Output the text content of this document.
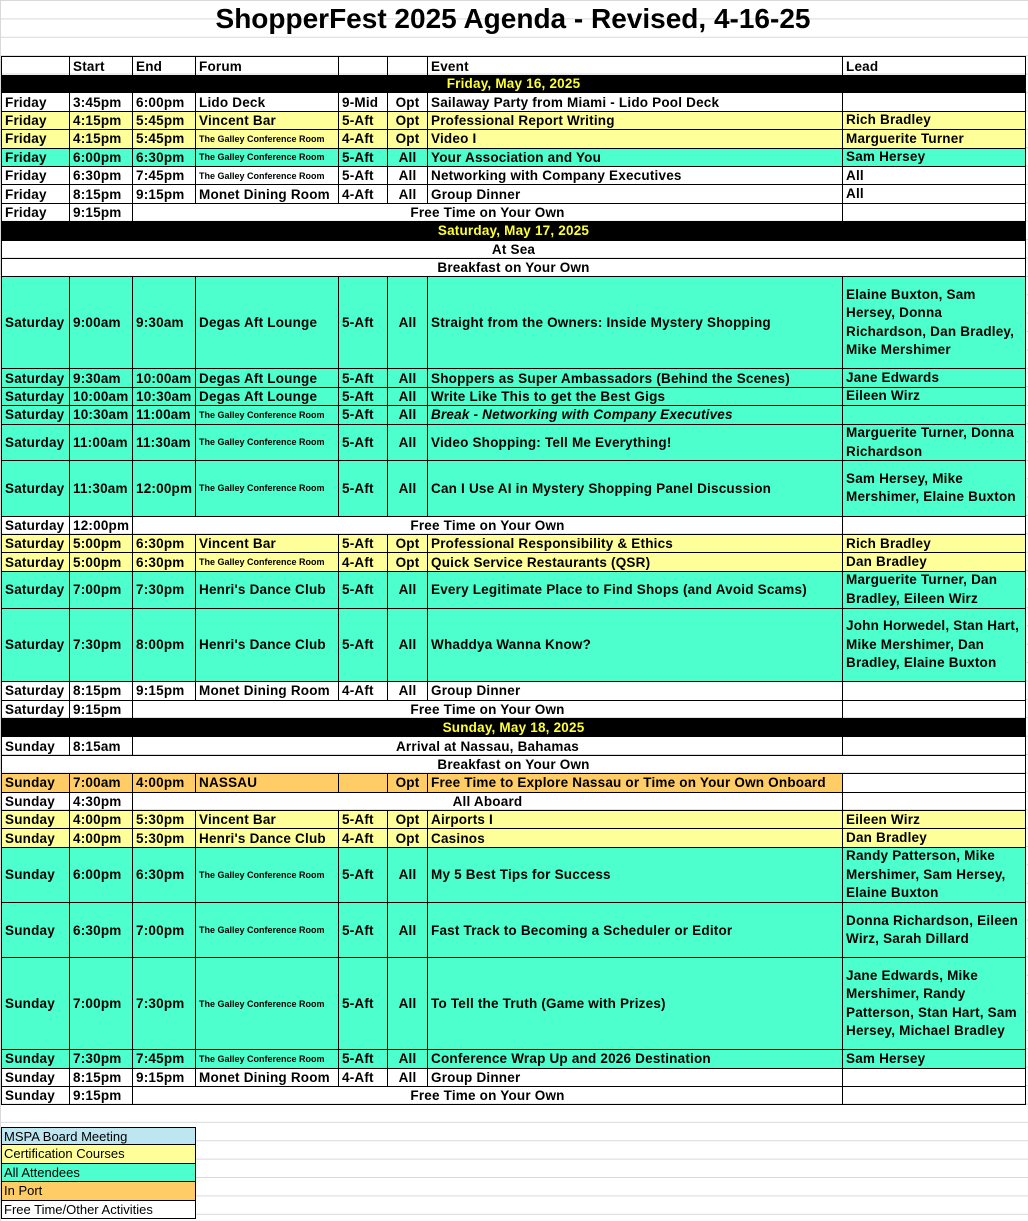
ShopperFest 2025 Agenda - Revised, 4-16-25
Start	End	Forum	Event	Lead
Friday, May 16, 2025
Friday	3:45pm	6:00pm	Lido Deck	9-Mid	Opt Sailaway Party from Miami - Lido Pool Deck
Friday	4:15pm	5:45pm	Vincent Bar	5-Aft	Opt Professional Report Writing	Rich Bradley
Friday	4:15pm	5:45pm	The Galley Conference Room	4-Aft	Opt Video I	Marguerite Turner
Friday	6:00pm	6:30pm	The Galley Conference Room	5-Aft	All	Your Association and You	Sam Hersey
Friday	6:30pm	7:45pm	The Galley Conference Room	5-Aft	All	Networking with Company Executives	All
Friday	8:15pm	9:15pm	Monet Dining Room 4-Aft	All	Group Dinner	All
Friday	9:15pm	Free Time on Your Own
Saturday, May 17, 2025
At Sea
Breakfast on Your Own
Saturday 9:00am	9:30am	Degas Aft Lounge	5-Aft	All	Straight from the Owners: Inside Mystery Shopping
Elaine Buxton, Sam Hersey, Donna Richardson, Dan Bradley, Mike Mershimer
Saturday 9:30am	10:00am Degas Aft Lounge	5-Aft	All	Shoppers as Super Ambassadors (Behind the Scenes)	Jane Edwards
Saturday 10:00am 10:30am Degas Aft Lounge	5-Aft	All	Write Like This to get the Best Gigs	Eileen Wirz
Saturday 10:30am 11:00am The Galley Conference Room	5-Aft	All	Break - Networking with Company Executives
Saturday 11:00am 11:30am The Galley Conference Room	5-Aft	All	Video Shopping: Tell Me Everything!
Marguerite Turner, Donna Richardson
Saturday 11:30am 12:00pm The Galley Conference Room	5-Aft	All	Can I Use AI in Mystery Shopping Panel Discussion
Sam Hersey, Mike Mershimer, Elaine Buxton
Saturday 12:00pm	Free Time on Your Own
Saturday 5:00pm	6:30pm	Vincent Bar	5-Aft	Opt Professional Responsibility & Ethics	Rich Bradley
Saturday 5:00pm	6:30pm	The Galley Conference Room	4-Aft	Opt Quick Service Restaurants (QSR)	Dan Bradley
Saturday 7:00pm	7:30pm	Henri's Dance Club	5-Aft	All	Every Legitimate Place to Find Shops (and Avoid Scams)
Marguerite Turner, Dan Bradley, Eileen Wirz
Saturday 7:30pm	8:00pm	Henri's Dance Club	5-Aft	All	Whaddya Wanna Know?
John Horwedel, Stan Hart, Mike Mershimer, Dan Bradley, Elaine Buxton
Saturday 8:15pm	9:15pm	Monet Dining Room 4-Aft	All	Group Dinner
Saturday 9:15pm	Free Time on Your Own
Sunday, May 18, 2025
Sunday	8:15am	Arrival at Nassau, Bahamas
Breakfast on Your Own
Sunday	7:00am	4:00pm	NASSAU	Opt Free Time to Explore Nassau or Time on Your Own Onboard
Sunday	4:30pm	All Aboard
Sunday	4:00pm	5:30pm	Vincent Bar	5-Aft	Opt Airports I	Eileen Wirz
Sunday	4:00pm	5:30pm	Henri's Dance Club	4-Aft	Opt Casinos	Dan Bradley
Sunday	6:00pm	6:30pm	The Galley Conference Room	5-Aft	All	My 5 Best Tips for Success
Randy Patterson, Mike Mershimer, Sam Hersey, Elaine Buxton
Sunday	6:30pm	7:00pm	The Galley Conference Room	5-Aft	All	Fast Track to Becoming a Scheduler or Editor
Donna Richardson, Eileen Wirz, Sarah Dillard
Sunday	7:00pm	7:30pm	The Galley Conference Room	5-Aft	All	To Tell the Truth (Game with Prizes)
Jane Edwards, Mike Mershimer, Randy Patterson, Stan Hart, Sam Hersey, Michael Bradley
Sunday	7:30pm	7:45pm	The Galley Conference Room	5-Aft	All	Conference Wrap Up and 2026 Destination	Sam Hersey
Sunday	8:15pm	9:15pm	Monet Dining Room 4-Aft	All	Group Dinner
Sunday	9:15pm	Free Time on Your Own
MSPA Board Meeting
Certification Courses
All Attendees
In Port
Free Time/Other Activities
